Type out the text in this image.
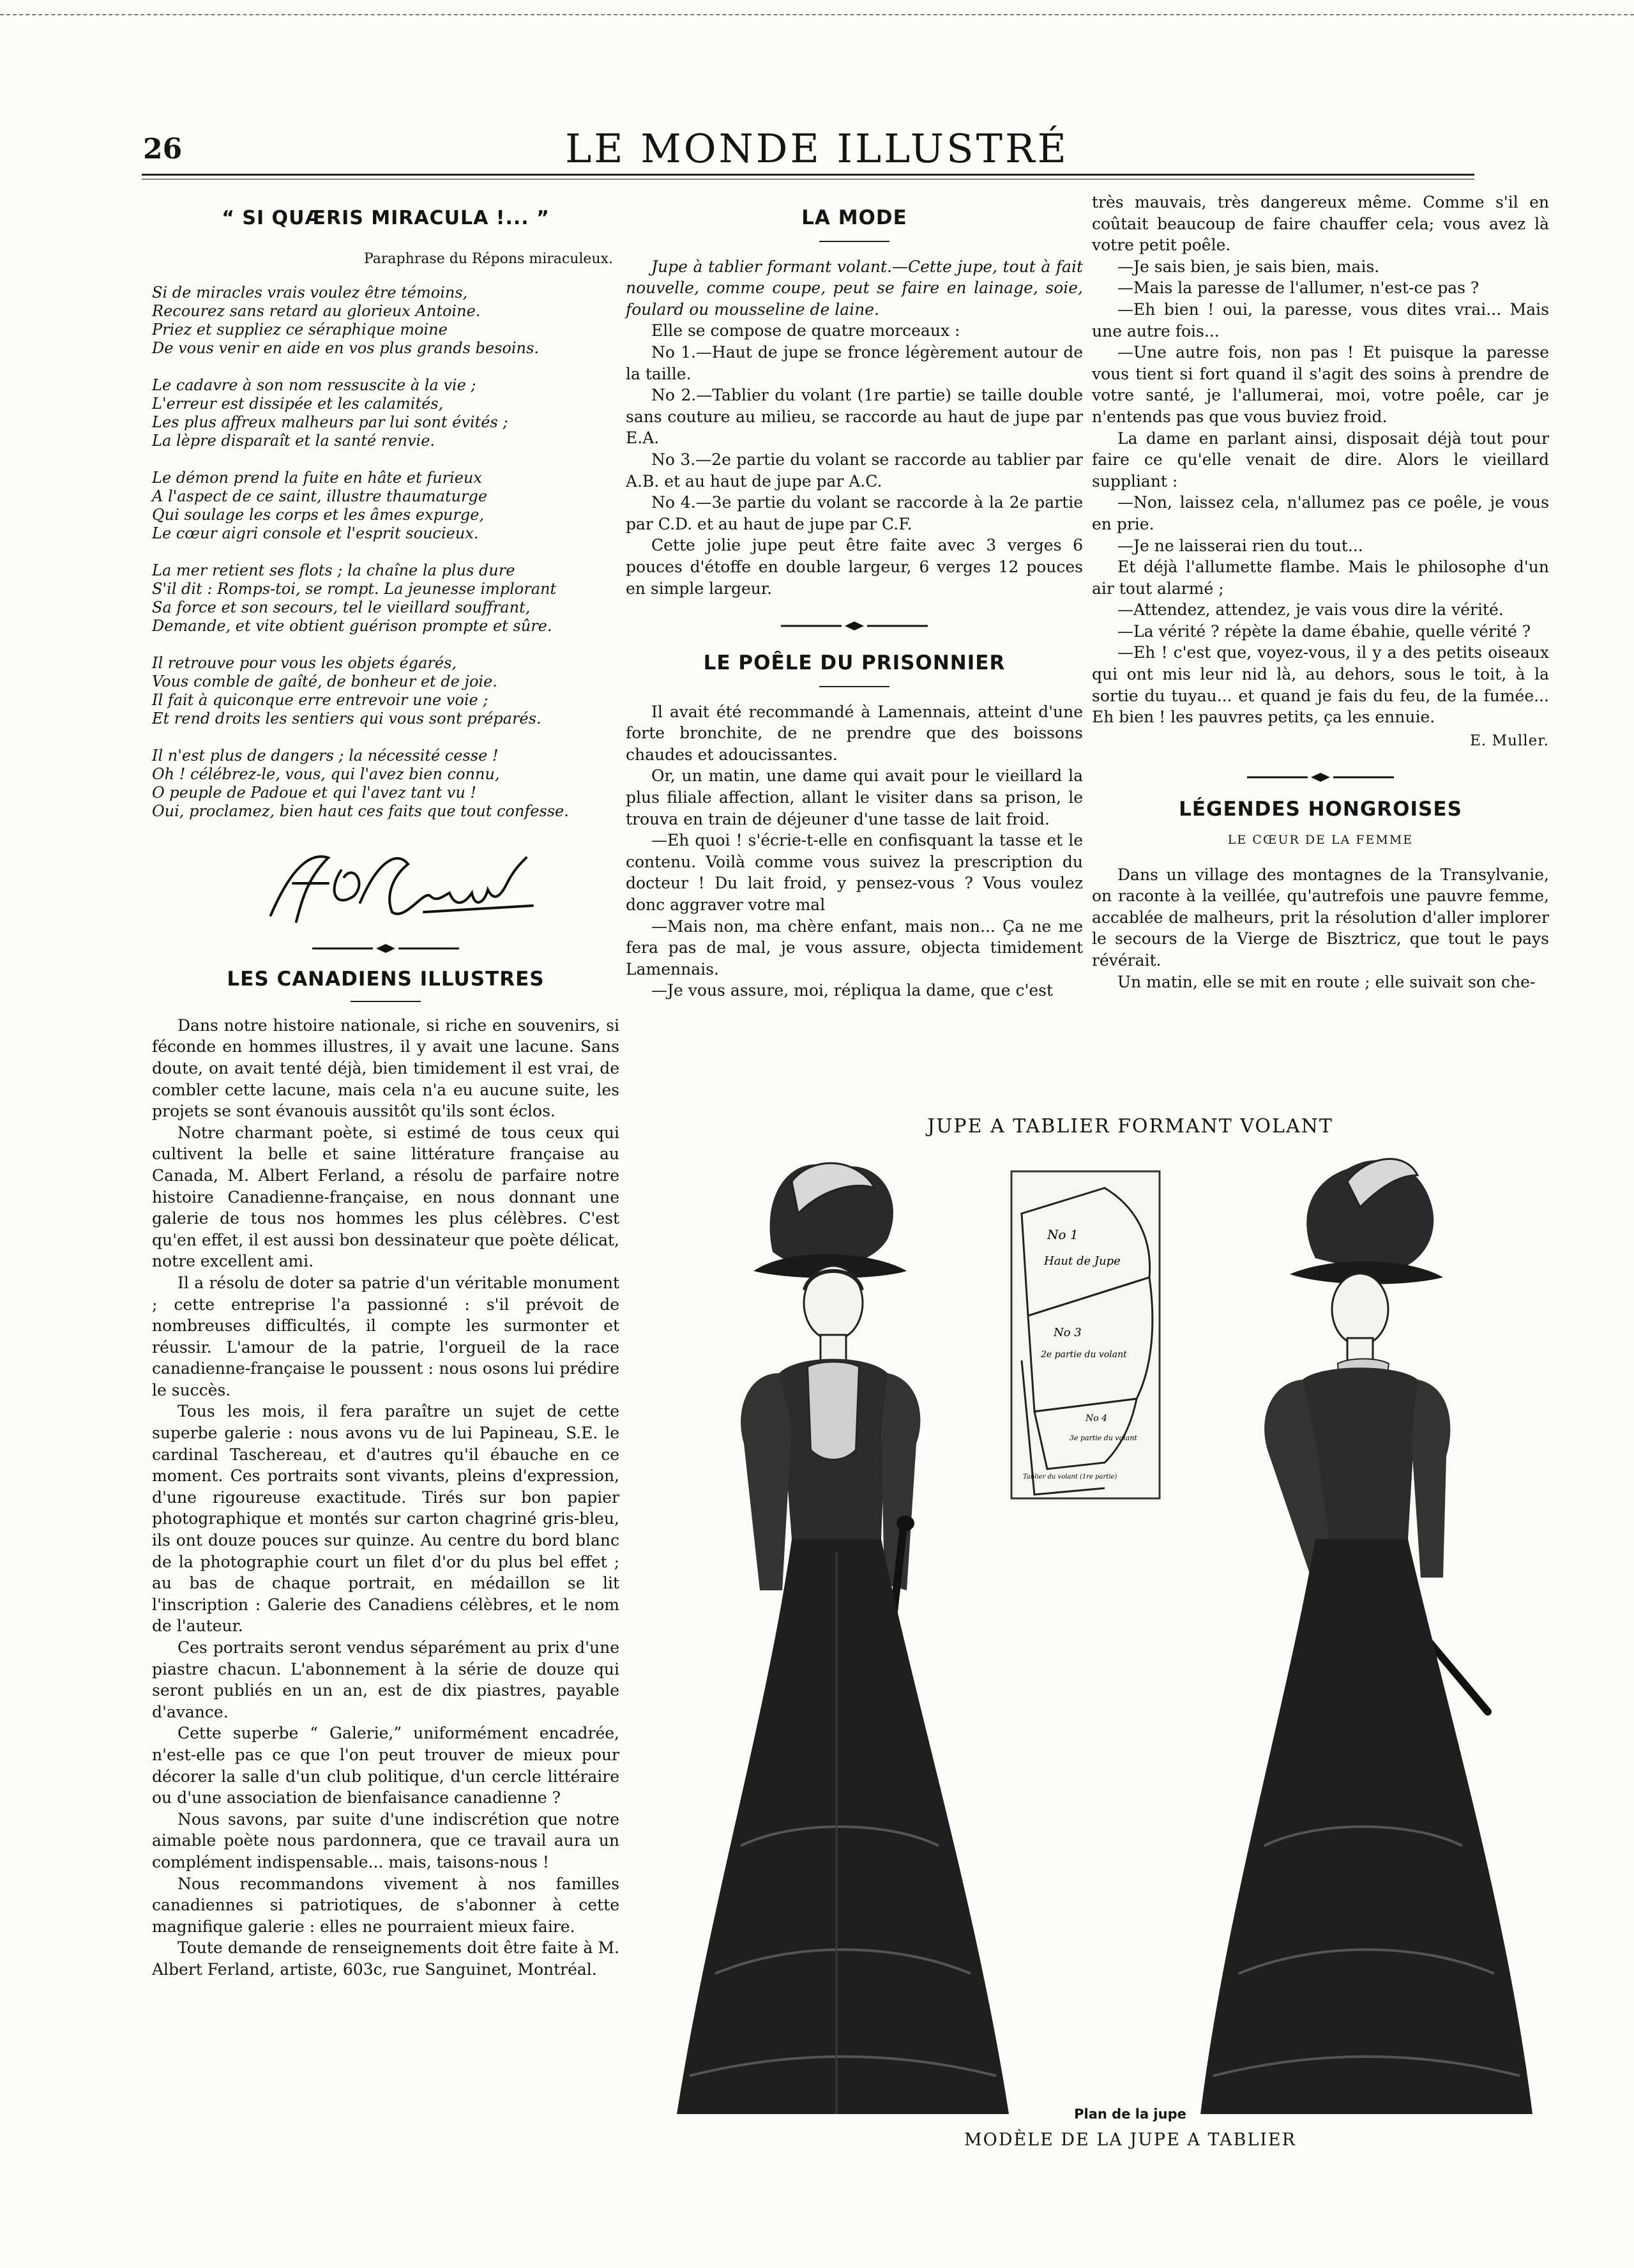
26	LE MONDE ILLUSTRÉ
“ SI QUÆRIS MIRACULA !... ”
Paraphrase du Répons miraculeux.
Si de miracles vrais voulez être témoins,
Recourez sans retard au glorieux Antoine.
Priez et suppliez ce séraphique moine
De vous venir en aide en vos plus grands besoins.
Le cadavre à son nom ressuscite à la vie ;
L'erreur est dissipée et les calamités,
Les plus affreux malheurs par lui sont évités ;
La lèpre disparaît et la santé renvie.
Le démon prend la fuite en hâte et furieux
A l'aspect de ce saint, illustre thaumaturge
Qui soulage les corps et les âmes expurge,
Le cœur aigri console et l'esprit soucieux.
La mer retient ses flots ; la chaîne la plus dure
S'il dit : Romps-toi, se rompt. La jeunesse implorant
Sa force et son secours, tel le vieillard souffrant,
Demande, et vite obtient guérison prompte et sûre.
Il retrouve pour vous les objets égarés,
Vous comble de gaîté, de bonheur et de joie.
Il fait à quiconque erre entrevoir une voie ;
Et rend droits les sentiers qui vous sont préparés.
Il n'est plus de dangers ; la nécessité cesse !
Oh ! célébrez-le, vous, qui l'avez bien connu,
O peuple de Padoue et qui l'avez tant vu !
Oui, proclamez, bien haut ces faits que tout confesse.
LES CANADIENS ILLUSTRES

Dans notre histoire nationale, si riche en souvenirs, si féconde en hommes illustres, il y avait une lacune. Sans doute, on avait tenté déjà, bien timidement il est vrai, de combler cette lacune, mais cela n'a eu aucune suite, les projets se sont évanouis aussitôt qu'ils sont éclos.

Notre charmant poète, si estimé de tous ceux qui cultivent la belle et saine littérature française au Canada, M. Albert Ferland, a résolu de parfaire notre histoire Canadienne-française, en nous donnant une galerie de tous nos hommes les plus célèbres. C'est qu'en effet, il est aussi bon dessinateur que poète délicat, notre excellent ami.

Il a résolu de doter sa patrie d'un véritable monument ; cette entreprise l'a passionné : s'il prévoit de nombreuses difficultés, il compte les surmonter et réussir. L'amour de la patrie, l'orgueil de la race canadienne-française le poussent : nous osons lui prédire le succès.

Tous les mois, il fera paraître un sujet de cette superbe galerie : nous avons vu de lui Papineau, S.E. le cardinal Taschereau, et d'autres qu'il ébauche en ce moment. Ces portraits sont vivants, pleins d'expression, d'une rigoureuse exactitude. Tirés sur bon papier photographique et montés sur carton chagriné gris-bleu, ils ont douze pouces sur quinze. Au centre du bord blanc de la photographie court un filet d'or du plus bel effet ; au bas de chaque portrait, en médaillon se lit l'inscription : Galerie des Canadiens célèbres, et le nom de l'auteur.

Ces portraits seront vendus séparément au prix d'une piastre chacun. L'abonnement à la série de douze qui seront publiés en un an, est de dix piastres, payable d'avance.

Cette superbe “ Galerie,” uniformément encadrée, n'est-elle pas ce que l'on peut trouver de mieux pour décorer la salle d'un club politique, d'un cercle littéraire ou d'une association de bienfaisance canadienne ?

Nous savons, par suite d'une indiscrétion que notre aimable poète nous pardonnera, que ce travail aura un complément indispensable... mais, taisons-nous !

Nous recommandons vivement à nos familles canadiennes si patriotiques, de s'abonner à cette magnifique galerie : elles ne pourraient mieux faire.

Toute demande de renseignements doit être faite à M. Albert Ferland, artiste, 603c, rue Sanguinet, Montréal.

LA MODE

Jupe à tablier formant volant.—Cette jupe, tout à fait nouvelle, comme coupe, peut se faire en lainage, soie, foulard ou mousseline de laine.

Elle se compose de quatre morceaux :

No 1.—Haut de jupe se fronce légèrement autour de la taille.

No 2.—Tablier du volant (1re partie) se taille double sans couture au milieu, se raccorde au haut de jupe par E.A.

No 3.—2e partie du volant se raccorde au tablier par A.B. et au haut de jupe par A.C.

No 4.—3e partie du volant se raccorde à la 2e partie par C.D. et au haut de jupe par C.F.

Cette jolie jupe peut être faite avec 3 verges 6 pouces d'étoffe en double largeur, 6 verges 12 pouces en simple largeur.

LE POÊLE DU PRISONNIER

Il avait été recommandé à Lamennais, atteint d'une forte bronchite, de ne prendre que des boissons chaudes et adoucissantes.

Or, un matin, une dame qui avait pour le vieillard la plus filiale affection, allant le visiter dans sa prison, le trouva en train de déjeuner d'une tasse de lait froid.

—Eh quoi ! s'écrie-t-elle en confisquant la tasse et le contenu. Voilà comme vous suivez la prescription du docteur ! Du lait froid, y pensez-vous ? Vous voulez donc aggraver votre mal

—Mais non, ma chère enfant, mais non... Ça ne me fera pas de mal, je vous assure, objecta timidement Lamennais.

—Je vous assure, moi, répliqua la dame, que c'est

très mauvais, très dangereux même. Comme s'il en coûtait beaucoup de faire chauffer cela; vous avez là votre petit poêle.

—Je sais bien, je sais bien, mais.

—Mais la paresse de l'allumer, n'est-ce pas ?

—Eh bien ! oui, la paresse, vous dites vrai... Mais une autre fois...

—Une autre fois, non pas ! Et puisque la paresse vous tient si fort quand il s'agit des soins à prendre de votre santé, je l'allumerai, moi, votre poêle, car je n'entends pas que vous buviez froid.

La dame en parlant ainsi, disposait déjà tout pour faire ce qu'elle venait de dire. Alors le vieillard suppliant :

—Non, laissez cela, n'allumez pas ce poêle, je vous en prie.

—Je ne laisserai rien du tout...

Et déjà l'allumette flambe. Mais le philosophe d'un air tout alarmé ;

—Attendez, attendez, je vais vous dire la vérité.

—La vérité ? répète la dame ébahie, quelle vérité ?

—Eh ! c'est que, voyez-vous, il y a des petits oiseaux qui ont mis leur nid là, au dehors, sous le toit, à la sortie du tuyau... et quand je fais du feu, de la fumée... Eh bien ! les pauvres petits, ça les ennuie.

E. Muller.
LÉGENDES HONGROISES
LE CŒUR DE LA FEMME

Dans un village des montagnes de la Transylvanie, on raconte à la veillée, qu'autrefois une pauvre femme, accablée de malheurs, prit la résolution d'aller implorer le secours de la Vierge de Bisztricz, que tout le pays révérait.

Un matin, elle se mit en route ; elle suivait son che-

JUPE A TABLIER FORMANT VOLANT
No 1
Haut de Jupe
No 3
2e partie du volant
No 4
3e partie du volant
Tablier du volant (1re partie)
Plan de la jupe
MODÈLE DE LA JUPE A TABLIER
